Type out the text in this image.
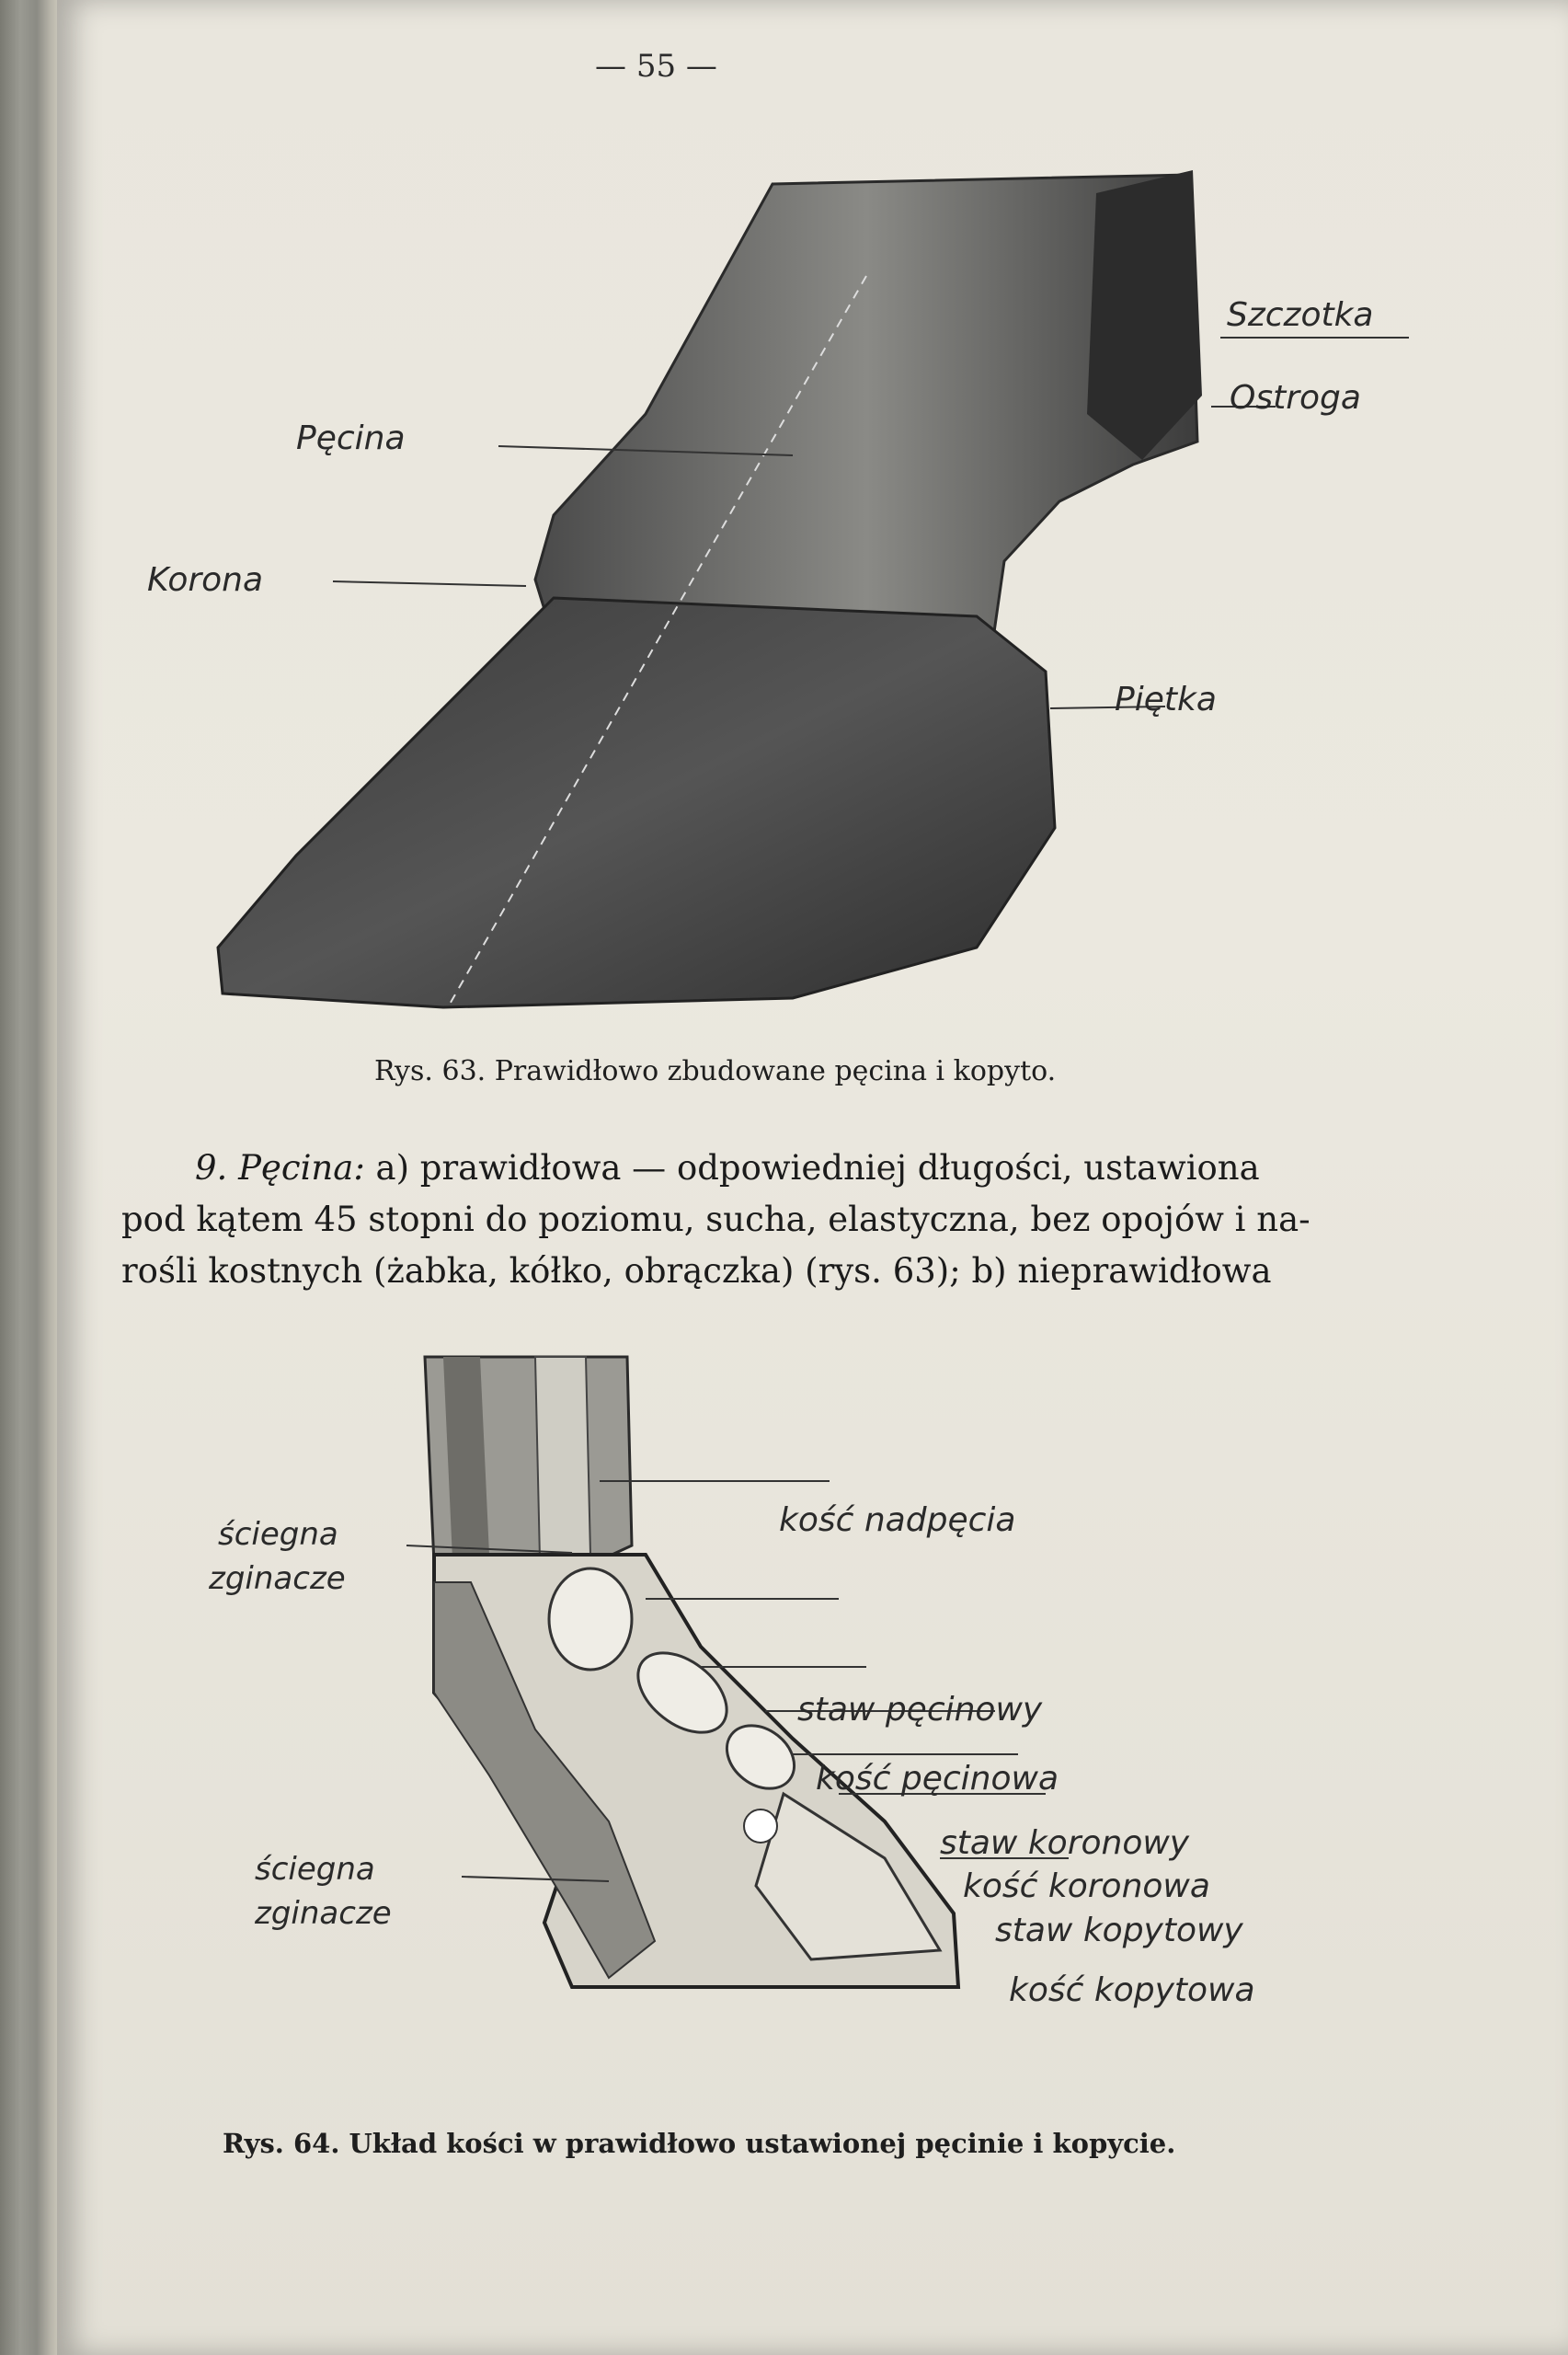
— 55 —
Szczotka
Ostroga
Pęcina
Korona
Piętka
Rys. 63. Prawidłowo zbudowane pęcina i kopyto.
9. Pęcina: a) prawidłowa — odpowiedniej długości, ustawiona
pod kątem 45 stopni do poziomu, sucha, elastyczna, bez opojów i na-
rośli kostnych (żabka, kółko, obrączka) (rys. 63); b) nieprawidłowa
ściegna
zginacze
kość nadpęcia
staw pęcinowy
kość pęcinowa
staw koronowy
ściegna
zginacze
kość koronowa
staw kopytowy
kość kopytowa
Rys. 64. Układ kości w prawidłowo ustawionej pęcinie i kopycie.
